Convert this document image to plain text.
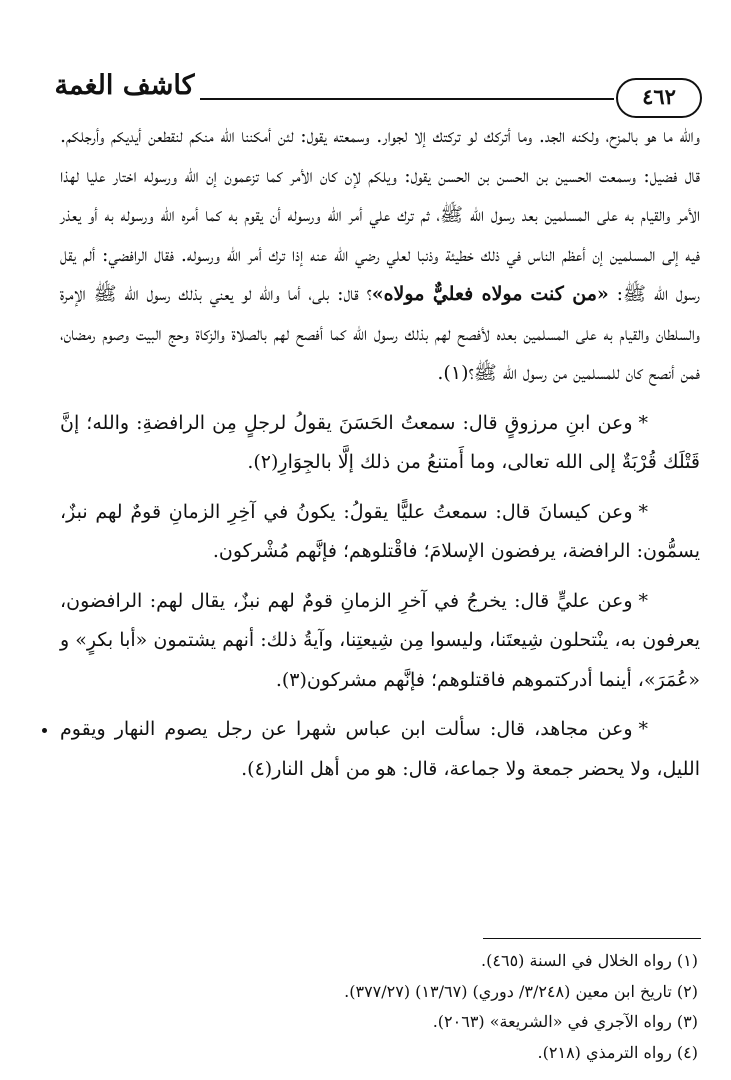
كاشف الغمة	٤٦٢

والله ما هو بالمزح، ولكنه الجد. وما أتركك لو تركتك إلا لجوار. وسمعته يقول: لئن أمكننا الله منكم لنقطعن أيديكم وأرجلكم. قال فضيل: وسمعت الحسين بن الحسن بن الحسن يقول: ويلكم لإن كان الأمر كما تزعمون إن الله ورسوله اختار عليا لهذا الأمر والقيام به على المسلمين بعد رسول الله ﷺ، ثم ترك علي أمر الله ورسوله أن يقوم به كما أمره الله ورسوله به أو يعذر فيه إلى المسلمين إن أعظم الناس في ذلك خطيئة وذنبا لعلي رضي الله عنه إذا ترك أمر الله ورسوله. فقال الرافضي: ألم يقل رسول الله ﷺ: «من كنت مولاه فعليٌّ مولاه»؟ قال: بلى، أما والله لو يعني بذلك رسول الله ﷺ الإمرة والسلطان والقيام به على المسلمين بعده لأفصح لهم بذلك رسول الله كما أفصح لهم بالصلاة والزكاة وحج البيت وصوم رمضان، فمن أنصح كان للمسلمين من رسول الله ﷺ؟(١).

*وعن ابنِ مرزوقٍ قال: سمعتُ الحَسَنَ يقولُ لرجلٍ مِن الرافضةِ: والله؛ إنَّ قَتْلَك قُرْبَةٌ إلى الله تعالى، وما أَمتنعُ من ذلك إلَّا بالجِوَارِ(٢).

*وعن كيسانَ قال: سمعتُ عليًّا يقولُ: يكونُ في آخِرِ الزمانِ قومٌ لهم نبزٌ، يسمُّون: الرافضة، يرفضون الإسلامَ؛ فاقْتلوهم؛ فإنَّهم مُشْركون.

*وعن عليٍّ قال: يخرجُ في آخرِ الزمانِ قومٌ لهم نبزٌ، يقال لهم: الرافضون، يعرفون به، ينْتحلون شِيعتَنا، وليسوا مِن شِيعتِنا، وآيةُ ذلك: أنهم يشتمون «أبا بكرٍ» و «عُمَرَ»، أينما أدركتموهم فاقتلوهم؛ فإنَّهم مشركون(٣).

*وعن مجاهد، قال: سألت ابن عباس شهرا عن رجل يصوم النهار ويقوم الليل، ولا يحضر جمعة ولا جماعة، قال: هو من أهل النار(٤).

(١) رواه الخلال في السنة (٤٦٥).
(٢) تاريخ ابن معين (٣/٢٤٨/ دوري) (١٣/٦٧) (٣٧٧/٢٧).
(٣) رواه الآجري في «الشريعة» (٢٠٦٣).
(٤) رواه الترمذي (٢١٨).
